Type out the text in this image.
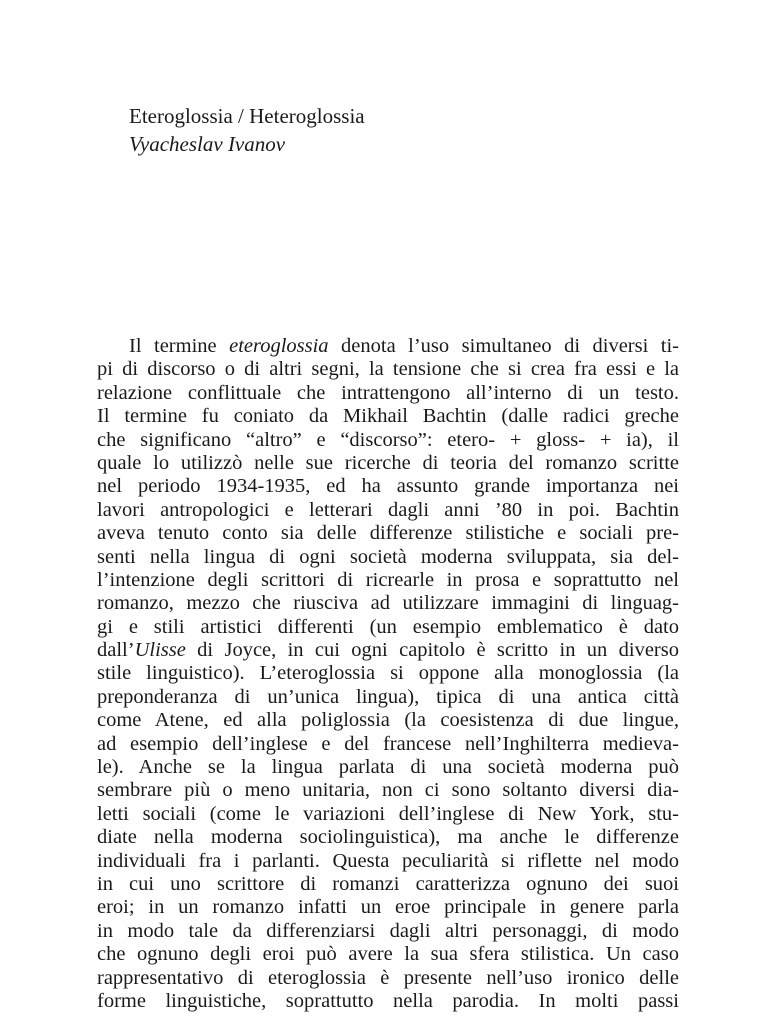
Eteroglossia / Heteroglossia
Vyacheslav Ivanov
Il termine eteroglossia denota l’uso simultaneo di diversi ti-
pi di discorso o di altri segni, la tensione che si crea fra essi e la
relazione conflittuale che intrattengono all’interno di un testo.
Il termine fu coniato da Mikhail Bachtin (dalle radici greche
che significano “altro” e “discorso”: etero- + gloss- + ia), il
quale lo utilizzò nelle sue ricerche di teoria del romanzo scritte
nel periodo 1934-1935, ed ha assunto grande importanza nei
lavori antropologici e letterari dagli anni ’80 in poi. Bachtin
aveva tenuto conto sia delle differenze stilistiche e sociali pre-
senti nella lingua di ogni società moderna sviluppata, sia del-
l’intenzione degli scrittori di ricrearle in prosa e soprattutto nel
romanzo, mezzo che riusciva ad utilizzare immagini di linguag-
gi e stili artistici differenti (un esempio emblematico è dato
dall’Ulisse di Joyce, in cui ogni capitolo è scritto in un diverso
stile linguistico). L’eteroglossia si oppone alla monoglossia (la
preponderanza di un’unica lingua), tipica di una antica città
come Atene, ed alla poliglossia (la coesistenza di due lingue,
ad esempio dell’inglese e del francese nell’Inghilterra medieva-
le). Anche se la lingua parlata di una società moderna può
sembrare più o meno unitaria, non ci sono soltanto diversi dia-
letti sociali (come le variazioni dell’inglese di New York, stu-
diate nella moderna sociolinguistica), ma anche le differenze
individuali fra i parlanti. Questa peculiarità si riflette nel modo
in cui uno scrittore di romanzi caratterizza ognuno dei suoi
eroi; in un romanzo infatti un eroe principale in genere parla
in modo tale da differenziarsi dagli altri personaggi, di modo
che ognuno degli eroi può avere la sua sfera stilistica. Un caso
rappresentativo di eteroglossia è presente nell’uso ironico delle
forme linguistiche, soprattutto nella parodia. In molti passi
